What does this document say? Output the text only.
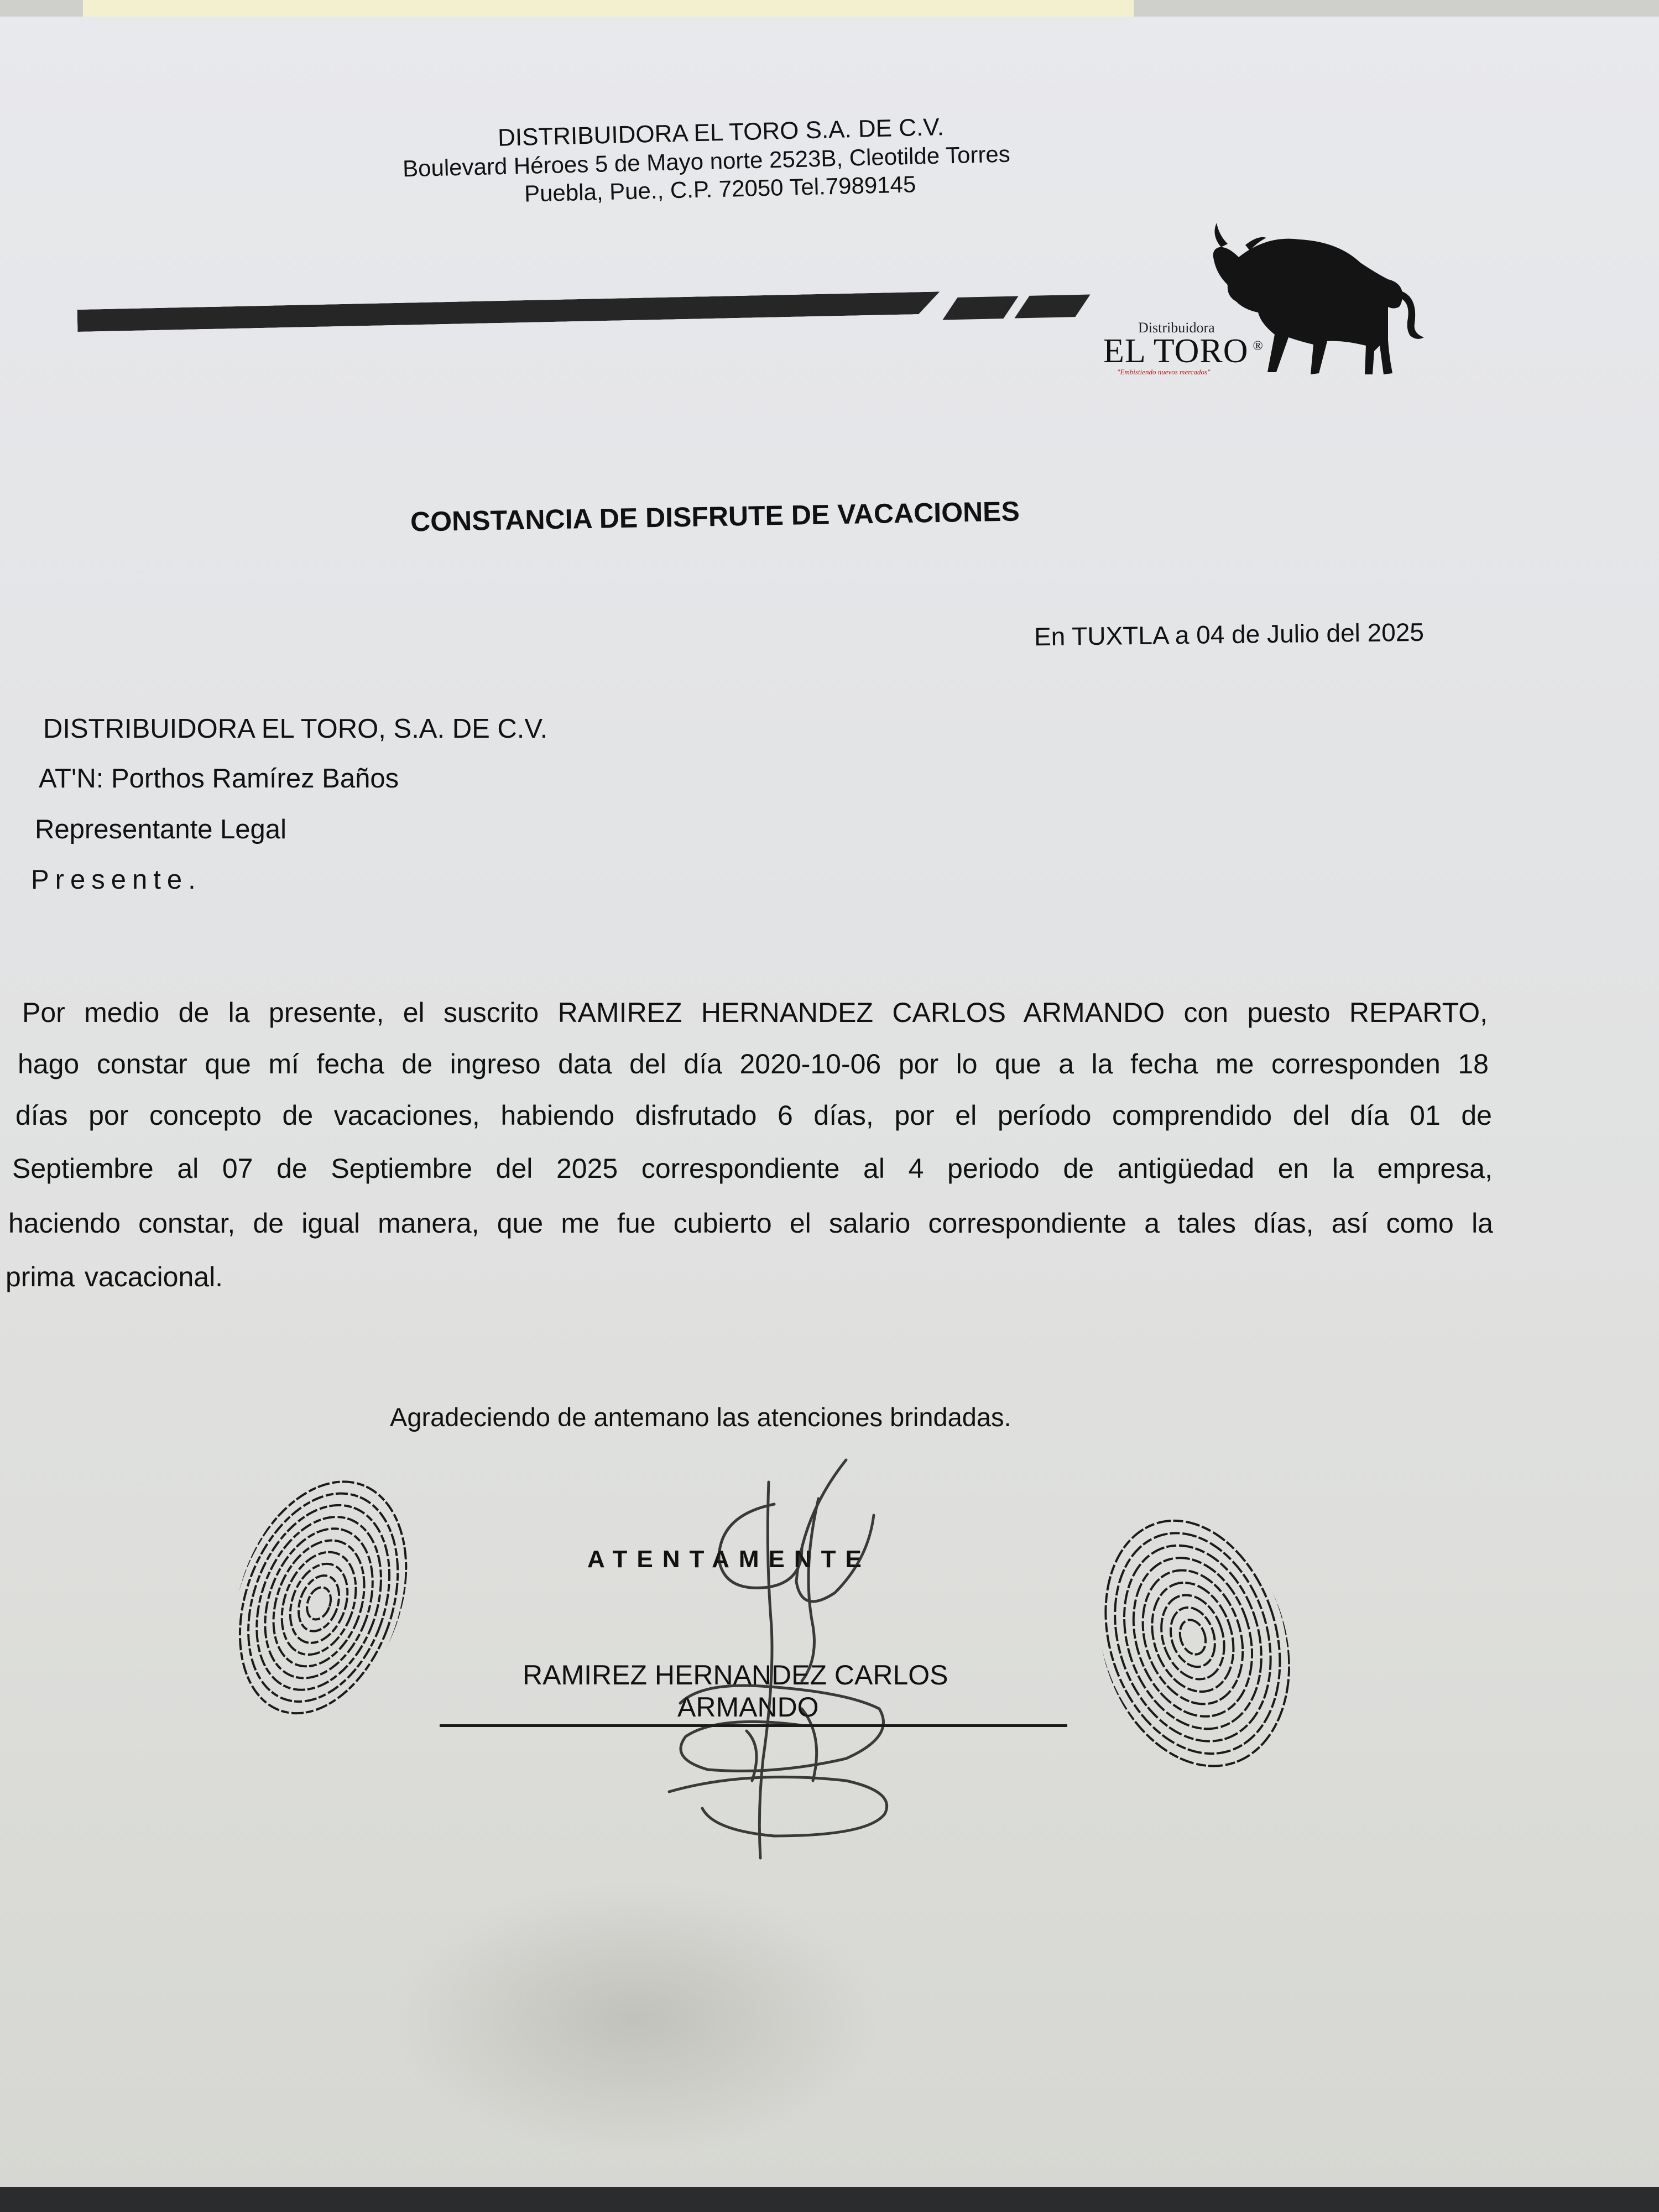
DISTRIBUIDORA EL TORO S.A. DE C.V.
Boulevard Héroes 5 de Mayo norte 2523B, Cleotilde Torres
Puebla, Pue., C.P. 72050 Tel.7989145
Distribuidora
EL TORO ®
"Embistiendo nuevos mercados"
CONSTANCIA DE DISFRUTE DE VACACIONES
En TUXTLA a 04 de Julio del 2025
DISTRIBUIDORA EL TORO, S.A. DE C.V.
AT'N: Porthos Ramírez Baños
Representante Legal
Presente.
Por medio de la presente, el suscrito RAMIREZ HERNANDEZ CARLOS ARMANDO con puesto REPARTO,
hago constar que mí fecha de ingreso data del día 2020-10-06 por lo que a la fecha me corresponden 18
días por concepto de vacaciones, habiendo disfrutado 6 días, por el período comprendido del día 01 de
Septiembre al 07 de Septiembre del 2025 correspondiente al 4 periodo de antigüedad en la empresa,
haciendo constar, de igual manera, que me fue cubierto el salario correspondiente a tales días, así como la
prima vacacional.
Agradeciendo de antemano las atenciones brindadas.
ATENTAMENTE
RAMIREZ HERNANDEZ CARLOS
ARMANDO
